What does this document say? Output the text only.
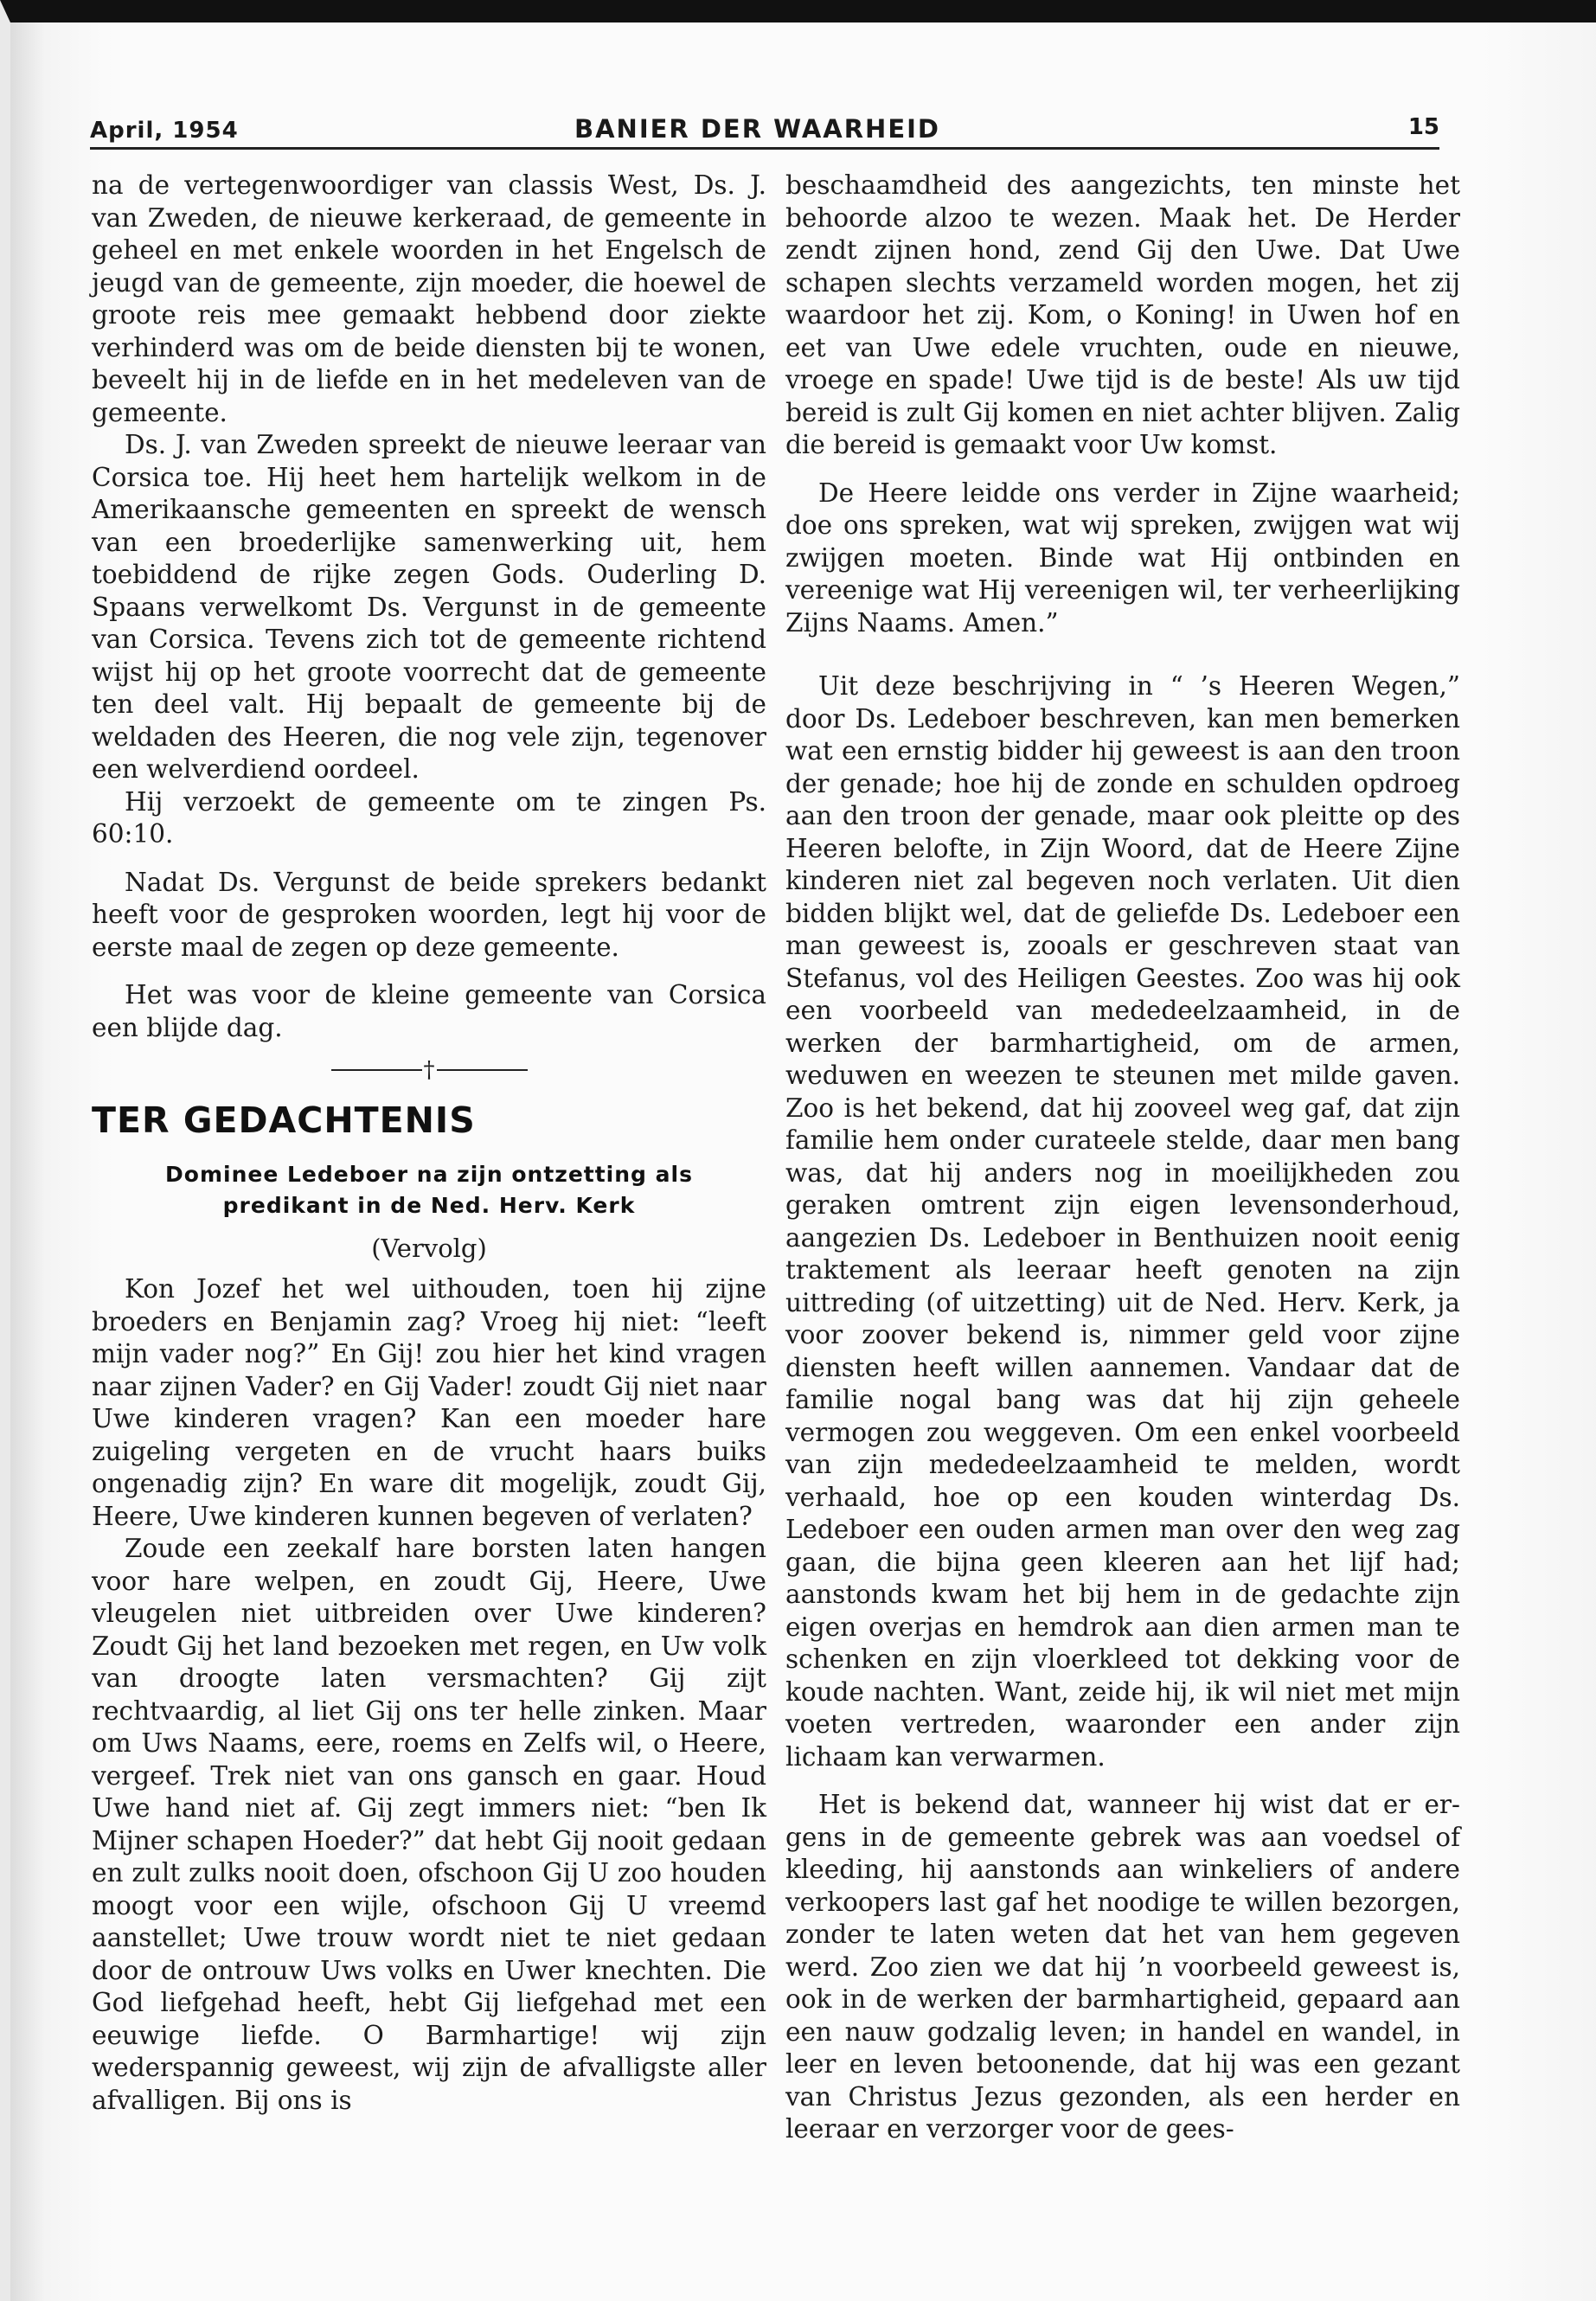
April, 1954	BANIER DER WAARHEID	15

na de vertegenwoordiger van classis West, Ds. J. van Zweden, de nieuwe kerkeraad, de gemeente in geheel en met enkele woorden in het Engelsch de jeugd van de gemeente, zijn moeder, die hoewel de groote reis mee gemaakt hebbend door ziekte verhinderd was om de beide diensten bij te wonen, beveelt hij in de liefde en in het medeleven van de gemeente.

Ds. J. van Zweden spreekt de nieuwe leeraar van Corsica toe. Hij heet hem hartelijk welkom in de Amerikaansche gemeenten en spreekt de wensch van een broederlijke samenwerking uit, hem toebiddend de rijke zegen Gods. Ouderling D. Spaans verwelkomt Ds. Vergunst in de gemeente van Corsica. Tevens zich tot de gemeente richtend wijst hij op het groote voorrecht dat de gemeente ten deel valt. Hij bepaalt de gemeente bij de weldaden des Heeren, die nog vele zijn, tegenover een welverdiend oordeel.

Hij verzoekt de gemeente om te zingen Ps. 60:10.

Nadat Ds. Vergunst de beide sprekers bedankt heeft voor de gesproken woorden, legt hij voor de eerste maal de zegen op deze gemeente.

Het was voor de kleine gemeente van Corsica een blijde dag.

†
TER GEDACHTENIS
Dominee Ledeboer na zijn ontzetting als
predikant in de Ned. Herv. Kerk
(Vervolg)

Kon Jozef het wel uithouden, toen hij zijne broeders en Benjamin zag? Vroeg hij niet: “leeft mijn vader nog?” En Gij! zou hier het kind vragen naar zijnen Vader? en Gij Vader! zoudt Gij niet naar Uwe kinderen vragen? Kan een moeder hare zuigeling vergeten en de vrucht haars buiks ongenadig zijn? En ware dit mogelijk, zoudt Gij, Heere, Uwe kinderen kunnen begeven of verlaten?

Zoude een zeekalf hare borsten laten hangen voor hare welpen, en zoudt Gij, Heere, Uwe vleugelen niet uitbreiden over Uwe kinderen? Zoudt Gij het land bezoeken met regen, en Uw volk van droogte laten versmachten? Gij zijt rechtvaardig, al liet Gij ons ter helle zinken. Maar om Uws Naams, eere, roems en Zelfs wil, o Heere, vergeef. Trek niet van ons gansch en gaar. Houd Uwe hand niet af. Gij zegt immers niet: “ben Ik Mijner schapen Hoeder?” dat hebt Gij nooit gedaan en zult zulks nooit doen, ofschoon Gij U zoo houden moogt voor een wijle, ofschoon Gij U vreemd aanstellet; Uwe trouw wordt niet te niet gedaan door de ontrouw Uws volks en Uwer knechten. Die God liefgehad heeft, hebt Gij liefgehad met een eeuwige liefde. O Barmhartige! wij zijn wederspannig geweest, wij zijn de afvalligste aller afvalligen. Bij ons is

beschaamdheid des aangezichts, ten minste het behoorde alzoo te wezen. Maak het. De Herder zendt zijnen hond, zend Gij den Uwe. Dat Uwe schapen slechts verzameld worden mogen, het zij waardoor het zij. Kom, o Koning! in Uwen hof en eet van Uwe edele vruchten, oude en nieuwe, vroege en spade! Uwe tijd is de beste! Als uw tijd bereid is zult Gij komen en niet achter blijven. Zalig die bereid is gemaakt voor Uw komst.

De Heere leidde ons verder in Zijne waarheid; doe ons spreken, wat wij spreken, zwijgen wat wij zwijgen moeten. Binde wat Hij ontbinden en vereenige wat Hij vereenigen wil, ter verheerlijking Zijns Naams. Amen.”

Uit deze beschrijving in “ ’s Heeren Wegen,” door Ds. Ledeboer beschreven, kan men bemerken wat een ernstig bidder hij geweest is aan den troon der genade; hoe hij de zonde en schulden opdroeg aan den troon der genade, maar ook pleitte op des Heeren belofte, in Zijn Woord, dat de Heere Zijne kinderen niet zal begeven noch verlaten. Uit dien bidden blijkt wel, dat de geliefde Ds. Ledeboer een man geweest is, zooals er geschreven staat van Stefanus, vol des Heiligen Geestes. Zoo was hij ook een voorbeeld van mededeelzaamheid, in de werken der barmhartigheid, om de armen, weduwen en weezen te steunen met milde gaven. Zoo is het bekend, dat hij zooveel weg gaf, dat zijn familie hem onder curateele stelde, daar men bang was, dat hij anders nog in moeilijkheden zou geraken omtrent zijn eigen levensonderhoud, aangezien Ds. Ledeboer in Benthuizen nooit eenig traktement als leeraar heeft genoten na zijn uittreding (of uitzetting) uit de Ned. Herv. Kerk, ja voor zoover bekend is, nimmer geld voor zijne diensten heeft willen aannemen. Vandaar dat de familie nogal bang was dat hij zijn geheele vermogen zou weggeven. Om een enkel voorbeeld van zijn mededeelzaamheid te melden, wordt verhaald, hoe op een kouden winterdag Ds. Ledeboer een ouden armen man over den weg zag gaan, die bijna geen kleeren aan het lijf had; aanstonds kwam het bij hem in de gedachte zijn eigen overjas en hemdrok aan dien armen man te schenken en zijn vloerkleed tot dekking voor de koude nachten. Want, zeide hij, ik wil niet met mijn voeten vertreden, waaronder een ander zijn lichaam kan verwarmen.

Het is bekend dat, wanneer hij wist dat er ergens in de gemeente gebrek was aan voedsel of kleeding, hij aanstonds aan winkeliers of andere verkoopers last gaf het noodige te willen bezorgen, zonder te laten weten dat het van hem gegeven werd. Zoo zien we dat hij ’n voorbeeld geweest is, ook in de werken der barmhartigheid, gepaard aan een nauw godzalig leven; in handel en wandel, in leer en leven betoonende, dat hij was een gezant van Christus Jezus gezonden, als een herder en leeraar en verzorger voor de gees-
